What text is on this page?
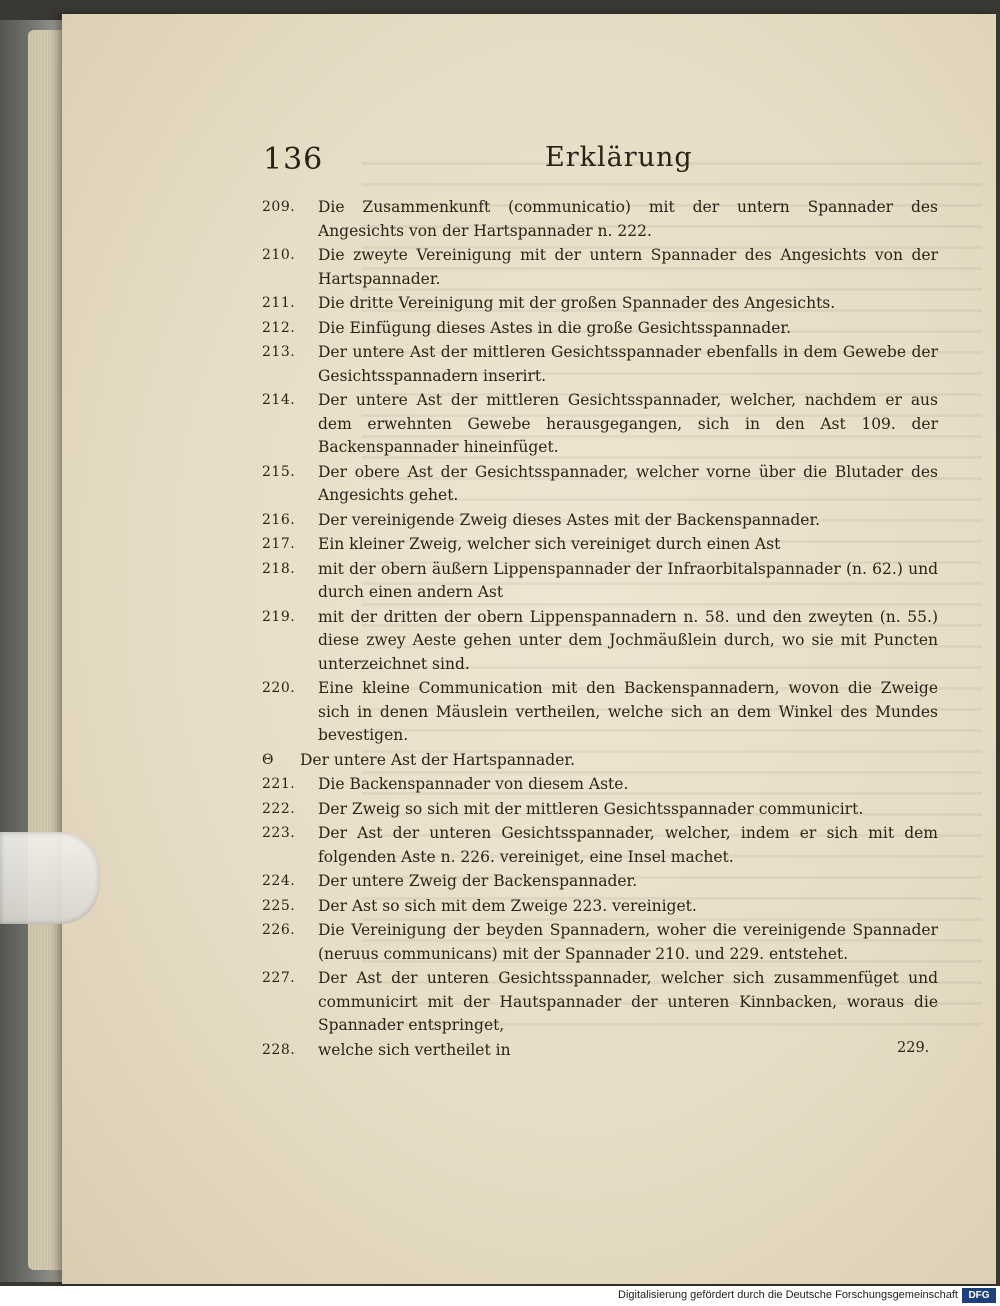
136	Erklärung
209.	Die Zusammenkunft (communicatio) mit der untern Spannader des Angesichts von der Hartspannader n. 222.
210.	Die zweyte Vereinigung mit der untern Spannader des Angesichts von der Hartspannader.
211.	Die dritte Vereinigung mit der großen Spannader des Angesichts.
212.	Die Einfügung dieses Astes in die große Gesichtsspannader.
213.	Der untere Ast der mittleren Gesichtsspannader ebenfalls in dem Gewebe der Gesichtsspannadern inserirt.
214.	Der untere Ast der mittleren Gesichtsspannader, welcher, nachdem er aus dem erwehnten Gewebe herausgegangen, sich in den Ast 109. der Backenspannader hineinfüget.
215.	Der obere Ast der Gesichtsspannader, welcher vorne über die Blutader des Angesichts gehet.
216.	Der vereinigende Zweig dieses Astes mit der Backenspannader.
217.	Ein kleiner Zweig, welcher sich vereiniget durch einen Ast
218.	mit der obern äußern Lippenspannader der Infraorbitalspannader (n. 62.) und durch einen andern Ast
219.	mit der dritten der obern Lippenspannadern n. 58. und den zweyten (n. 55.) diese zwey Aeste gehen unter dem Jochmäußlein durch, wo sie mit Puncten unterzeichnet sind.
220.	Eine kleine Communication mit den Backenspannadern, wovon die Zweige sich in denen Mäuslein vertheilen, welche sich an dem Winkel des Mundes bevestigen.
Θ	Der untere Ast der Hartspannader.
221.	Die Backenspannader von diesem Aste.
222.	Der Zweig so sich mit der mittleren Gesichtsspannader communicirt.
223.	Der Ast der unteren Gesichtsspannader, welcher, indem er sich mit dem folgenden Aste n. 226. vereiniget, eine Insel machet.
224.	Der untere Zweig der Backenspannader.
225.	Der Ast so sich mit dem Zweige 223. vereiniget.
226.	Die Vereinigung der beyden Spannadern, woher die vereinigende Spannader (neruus communicans) mit der Spannader 210. und 229. entstehet.
227.	Der Ast der unteren Gesichtsspannader, welcher sich zusammenfüget und communicirt mit der Hautspannader der unteren Kinnbacken, woraus die Spannader entspringet,
228.	welche sich vertheilet in	229.
Digitalisierung gefördert durch die Deutsche Forschungsgemeinschaft	DFG
